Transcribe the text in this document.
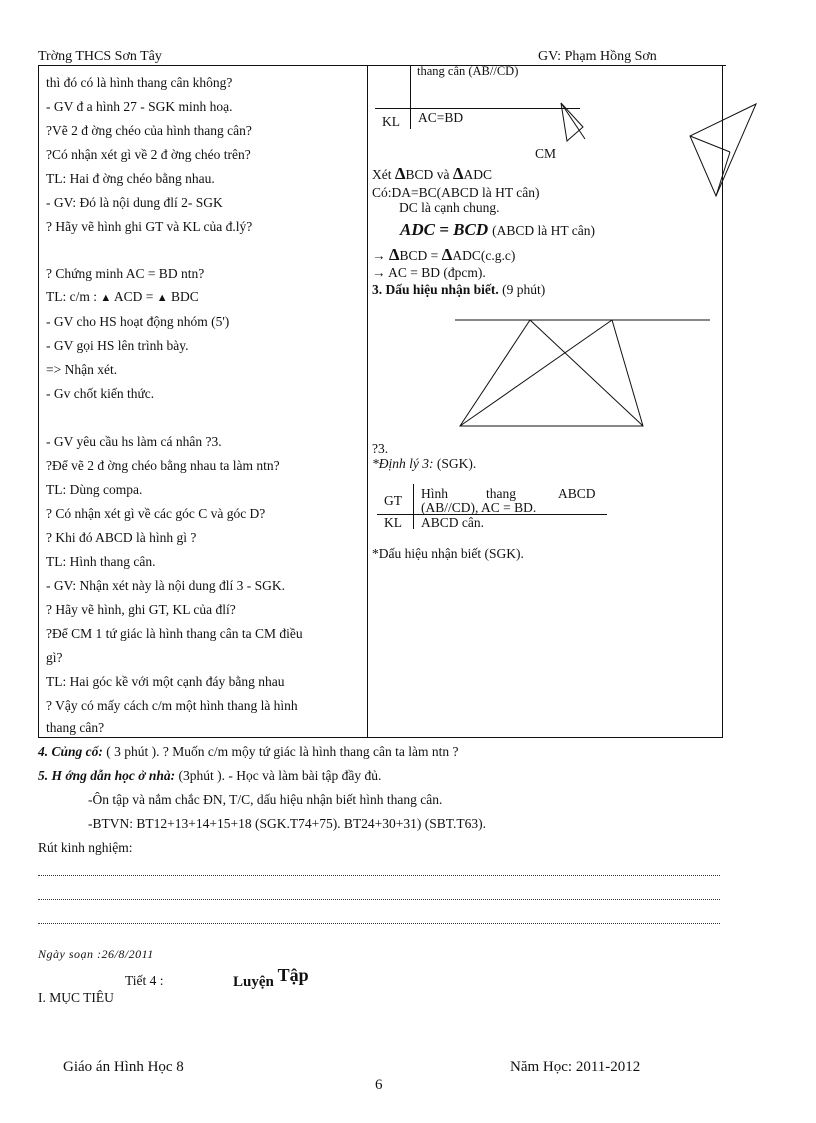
Trờng THCS Sơn Tây	GV: Phạm Hồng Sơn
thì đó có là hình thang cân không?
- GV đ a hình 27 - SGK minh hoạ.
?Vẽ 2 đ ờng chéo của hình thang cân?
?Có nhận xét gì về 2 đ ờng chéo trên?
TL: Hai đ ờng chéo bằng nhau.
- GV: Đó là nội dung đlí 2- SGK
? Hãy vẽ hình ghi GT và KL của đ.lý?
? Chứng minh AC = BD ntn?
TL: c/m : ▲ ACD = ▲ BDC
- GV cho HS hoạt động nhóm (5')
- GV gọi HS lên trình bày.
=> Nhận xét.
- Gv chốt kiến thức.
- GV yêu cầu hs làm cá nhân ?3.
?Để vẽ 2 đ ờng chéo bằng nhau ta làm ntn?
TL: Dùng compa.
? Có nhận xét gì về các góc C và góc D?
? Khi đó ABCD là hình gì ?
TL: Hình thang cân.
- GV: Nhận xét này là nội dung đlí 3 - SGK.
? Hãy vẽ hình, ghi GT, KL của đlí?
?Để CM 1 tứ giác là hình thang cân ta CM điều
gì?
TL: Hai góc kề với một cạnh đáy bằng nhau
? Vậy có mấy cách c/m một hình thang là hình
thang cân?
thang cân (AB//CD)
KL AC=BD
CM
Xét ΔBCD và ΔADC
Có:DA=BC(ABCD là HT cân)
DC là cạnh chung.
ADC = BCD (ABCD là HT cân)
→ ΔBCD = ΔADC(c.g.c)
→ AC = BD (đpcm).
3. Dấu hiệu nhận biết. (9 phút)
?3.
*Định lý 3: (SGK).
GT Hình	thang	ABCD
(AB//CD), AC = BD.
KL ABCD cân.
*Dấu hiệu nhận biết (SGK).
4. Củng cố: ( 3 phút ). ? Muốn c/m mộy tứ giác là hình thang cân ta làm ntn ?
5. H ớng dẫn học ở nhà: (3phút ). - Học và làm bài tập đầy đủ.
-Ôn tập và nắm chắc ĐN, T/C, dấu hiệu nhận biết hình thang cân.
-BTVN: BT12+13+14+15+18 (SGK.T74+75). BT24+30+31) (SBT.T63).
Rút kinh nghiệm:
Ngày soạn :26/8/2011
Tiết 4 :	Luyện Tập
I. MỤC TIÊU
Giáo án Hình Học 8	Năm Học: 2011-2012
6
